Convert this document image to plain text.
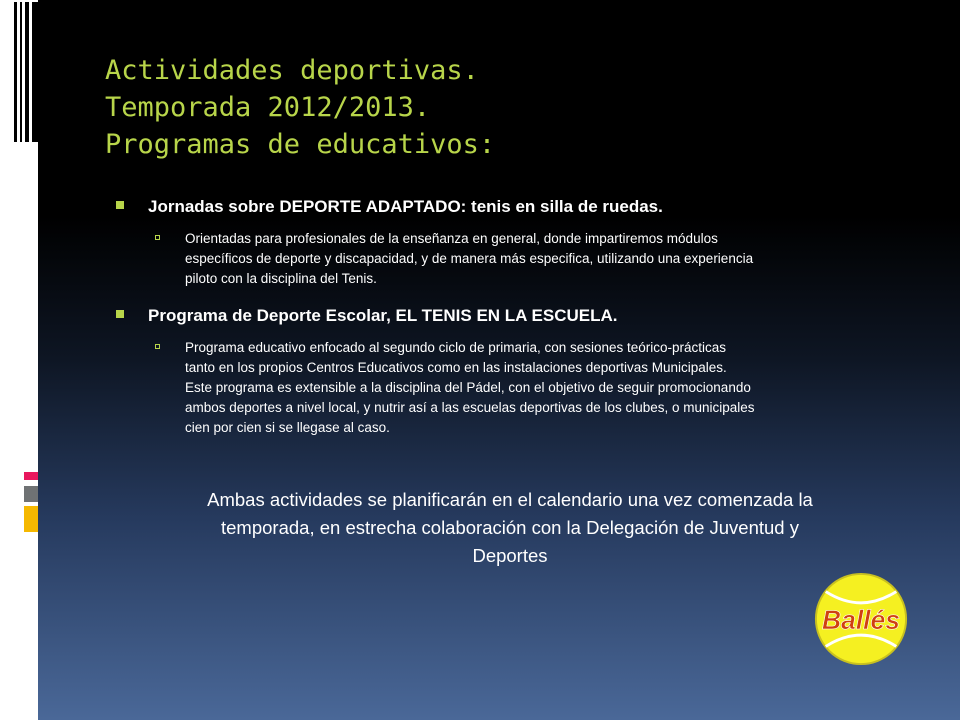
Actividades deportivas.
Temporada 2012/2013.
Programas de educativos:
Jornadas sobre DEPORTE ADAPTADO: tenis en silla de ruedas.
Orientadas para profesionales de la enseñanza en general, donde impartiremos módulos
específicos de deporte y discapacidad, y de manera más especifica, utilizando una experiencia
piloto con la disciplina del Tenis.
Programa de Deporte Escolar, EL TENIS EN LA ESCUELA.
Programa educativo enfocado al segundo ciclo de primaria, con sesiones teórico-prácticas
tanto en los propios Centros Educativos como en las instalaciones deportivas Municipales.
Este programa es extensible a la disciplina del Pádel, con el objetivo de seguir promocionando
ambos deportes a nivel local, y nutrir así a las escuelas deportivas de los clubes, o municipales
cien por cien si se llegase al caso.
Ambas actividades se planificarán en el calendario una vez comenzada la
temporada, en estrecha colaboración con la Delegación de Juventud y
Deportes
Ballés
